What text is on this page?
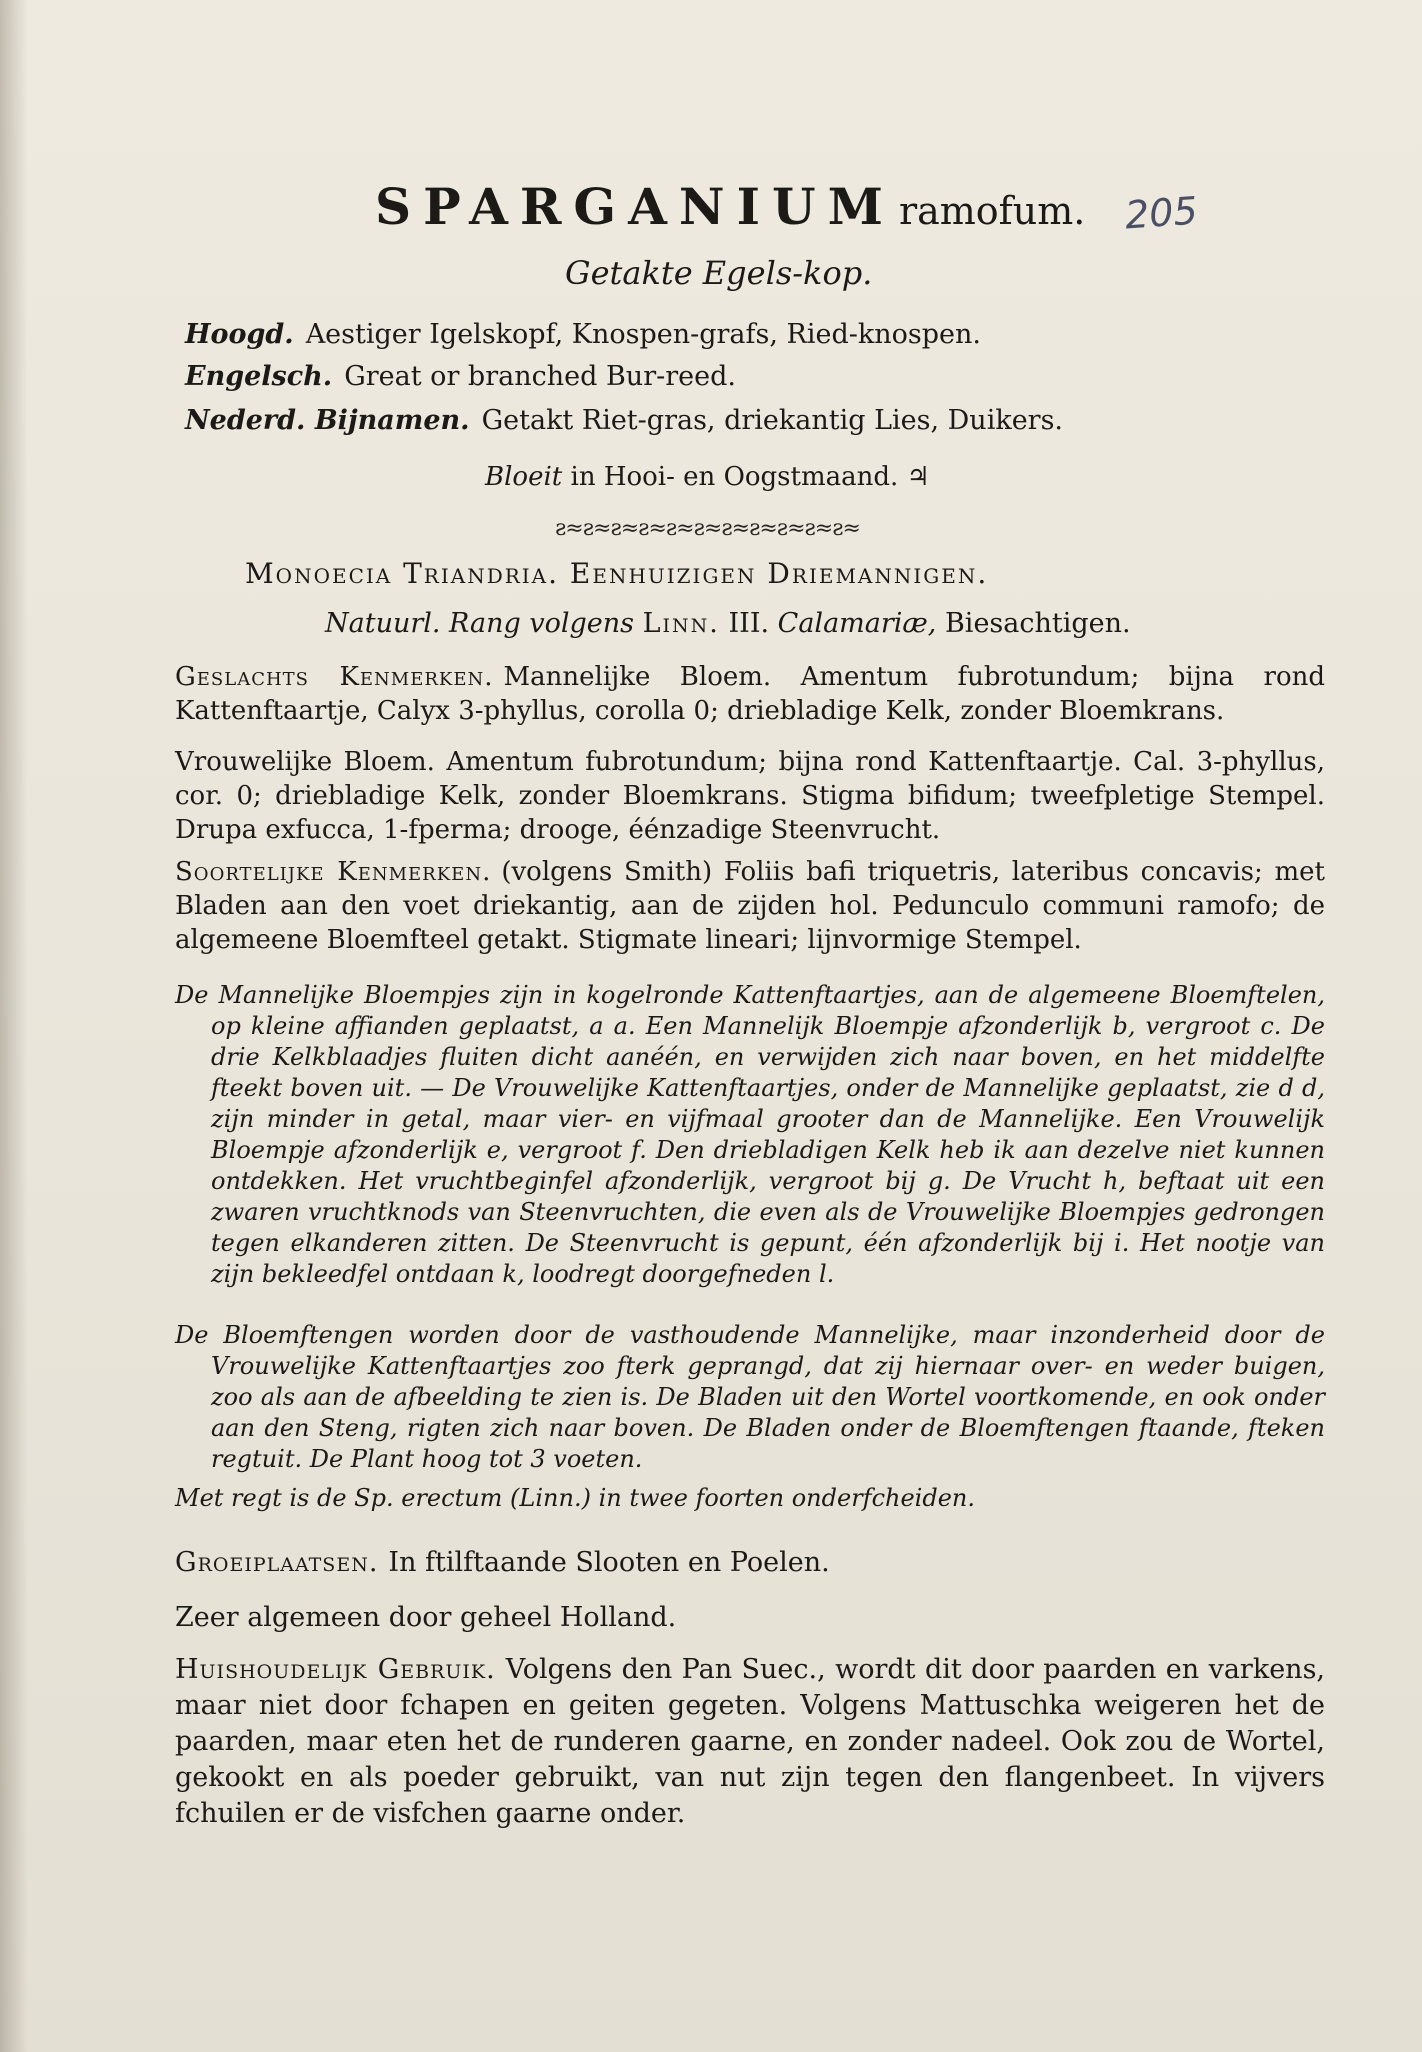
SPARGANIUM ramofum. 205
Getakte Egels-kop.
Hoogd. Aestiger Igelskopf, Knospen-grafs, Ried-knospen.
Engelsch. Great or branched Bur-reed.
Nederd. Bijnamen. Getakt Riet-gras, driekantig Lies, Duikers.
Bloeit in Hooi- en Oogstmaand. ♃
ƨ≈ƨ≈ƨ≈ƨ≈ƨ≈ƨ≈ƨ≈ƨ≈ƨ≈ƨ≈ƨ≈
Monoecia Triandria. Eenhuizigen Driemannigen.
Natuurl. Rang volgens Linn. III. Calamariæ, Biesachtigen.
Geslachts Kenmerken. Mannelijke Bloem. Amentum fubrotundum; bijna rond Kattenftaartje, Calyx 3-phyllus, corolla 0; driebladige Kelk, zonder Bloemkrans.
Vrouwelijke Bloem. Amentum fubrotundum; bijna rond Kattenftaartje. Cal. 3-phyllus, cor. 0; driebladige Kelk, zonder Bloemkrans. Stigma bifidum; tweefpletige Stempel. Drupa exfucca, 1-fperma; drooge, éénzadige Steenvrucht.
Soortelijke Kenmerken. (volgens Smith) Foliis bafi triquetris, lateribus concavis; met Bladen aan den voet driekantig, aan de zijden hol. Pedunculo communi ramofo; de algemeene Bloemfteel getakt. Stigmate lineari; lijnvormige Stempel.
De Mannelijke Bloempjes zijn in kogelronde Kattenftaartjes, aan de algemeene Bloemftelen, op kleine affianden geplaatst, a a. Een Mannelijk Bloempje afzonderlijk b, vergroot c. De drie Kelkblaadjes fluiten dicht aanéén, en verwijden zich naar boven, en het middelfte fteekt boven uit. — De Vrouwelijke Kattenftaartjes, onder de Mannelijke geplaatst, zie d d, zijn minder in getal, maar vier- en vijfmaal grooter dan de Mannelijke. Een Vrouwelijk Bloempje afzonderlijk e, vergroot f. Den driebladigen Kelk heb ik aan dezelve niet kunnen ontdekken. Het vruchtbeginfel afzonderlijk, vergroot bij g. De Vrucht h, beftaat uit een zwaren vruchtknods van Steenvruchten, die even als de Vrouwelijke Bloempjes gedrongen tegen elkanderen zitten. De Steenvrucht is gepunt, één afzonderlijk bij i. Het nootje van zijn bekleedfel ontdaan k, loodregt doorgefneden l.
De Bloemftengen worden door de vasthoudende Mannelijke, maar inzonderheid door de Vrouwelijke Kattenftaartjes zoo fterk geprangd, dat zij hiernaar over- en weder buigen, zoo als aan de afbeelding te zien is. De Bladen uit den Wortel voortkomende, en ook onder aan den Steng, rigten zich naar boven. De Bladen onder de Bloemftengen ftaande, fteken regtuit. De Plant hoog tot 3 voeten.
Met regt is de Sp. erectum (Linn.) in twee foorten onderfcheiden.
Groeiplaatsen. In ftilftaande Slooten en Poelen.
Zeer algemeen door geheel Holland.
Huishoudelijk Gebruik. Volgens den Pan Suec., wordt dit door paarden en varkens, maar niet door fchapen en geiten gegeten. Volgens Mattuschka weigeren het de paarden, maar eten het de runderen gaarne, en zonder nadeel. Ook zou de Wortel, gekookt en als poeder gebruikt, van nut zijn tegen den flangenbeet. In vijvers fchuilen er de visfchen gaarne onder.
